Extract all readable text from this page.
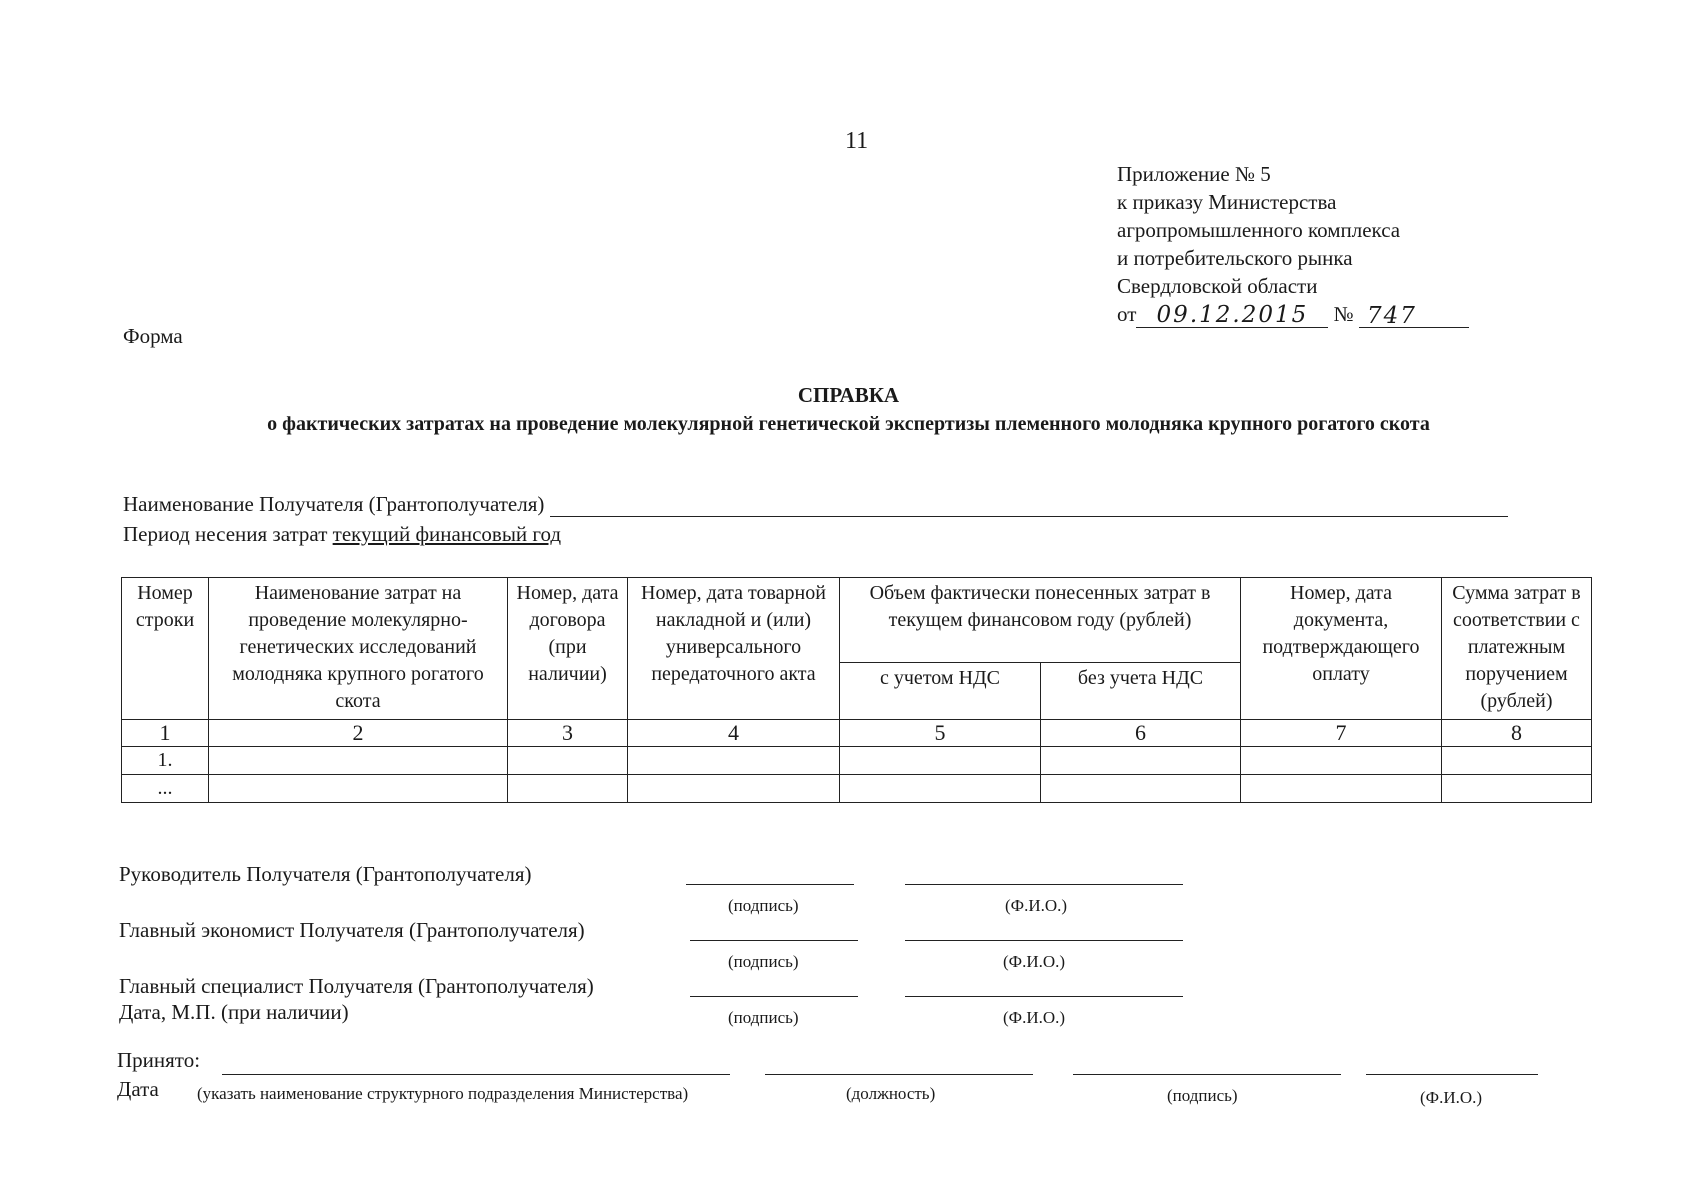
11
Приложение № 5
к приказу Министерства
агропромышленного комплекса
и потребительского рынка
Свердловской области
от 09.12.2015 № 747
Форма
СПРАВКА
о фактических затратах на проведение молекулярной генетической экспертизы племенного молодняка крупного рогатого скота
Наименование Получателя (Грантополучателя)
Период несения затрат текущий финансовый год
Номер строки	Наименование затрат на проведение молекулярно-генетических исследований молодняка крупного рогатого скота	Номер, дата договора (при наличии)	Номер, дата товарной накладной и (или) универсального передаточного акта	Объем фактически понесенных затрат в текущем финансовом году (рублей)		Номер, дата документа, подтверждающего оплату	Сумма затрат в соответствии с платежным поручением (рублей)
				с учетом НДС	без учета НДС		
1	2	3	4	5	6	7	8
1.							
...							
Руководитель Получателя (Грантополучателя)
(подпись)	(Ф.И.О.)
Главный экономист Получателя (Грантополучателя)
(подпись)	(Ф.И.О.)
Главный специалист Получателя (Грантополучателя)
Дата, М.П. (при наличии)	(подпись)	(Ф.И.О.)
Принято:
Дата (указать наименование структурного подразделения Министерства)	(должность)	(подпись)	(Ф.И.О.)
